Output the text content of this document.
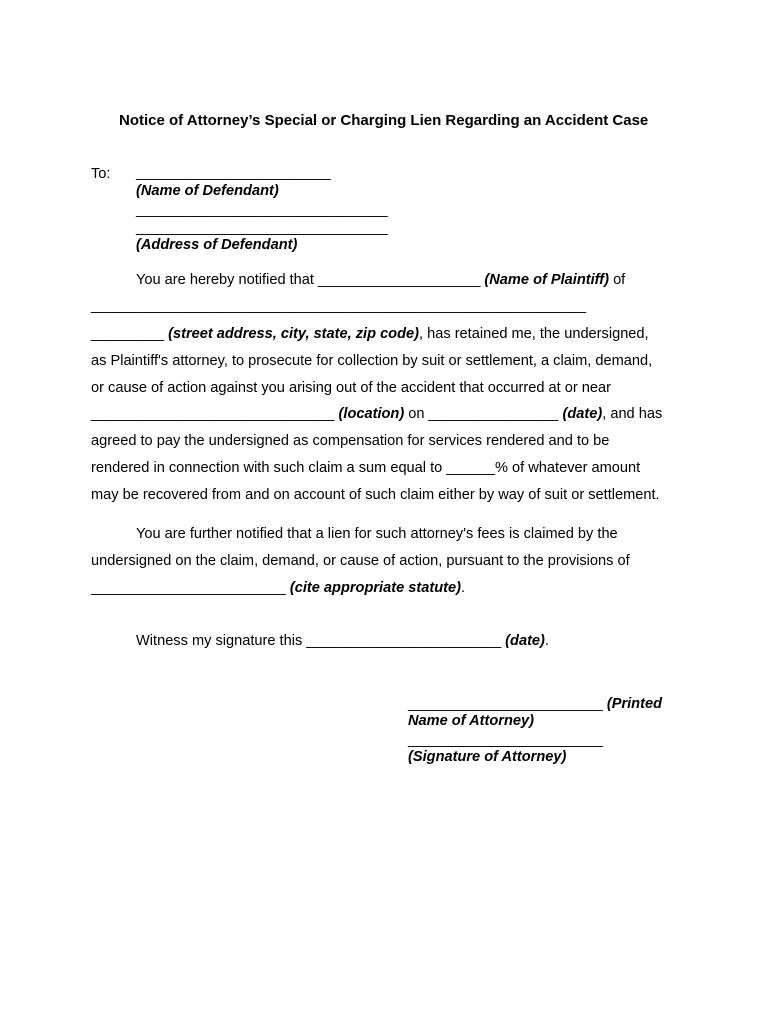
Notice of Attorney’s Special or Charging Lien Regarding an Accident Case
To: ________________________
(Name of Defendant)
_______________________________
_______________________________
(Address of Defendant)
You are hereby notified that ____________________ (Name of Plaintiff) of
_____________________________________________________________
_________ (street address, city, state, zip code), has retained me, the undersigned,
as Plaintiff's attorney, to prosecute for collection by suit or settlement, a claim, demand,
or cause of action against you arising out of the accident that occurred at or near
______________________________ (location) on ________________ (date), and has
agreed to pay the undersigned as compensation for services rendered and to be
rendered in connection with such claim a sum equal to ______% of whatever amount
may be recovered from and on account of such claim either by way of suit or settlement.
You are further notified that a lien for such attorney's fees is claimed by the
undersigned on the claim, demand, or cause of action, pursuant to the provisions of
________________________ (cite appropriate statute).
Witness my signature this ________________________ (date).
________________________ (Printed
Name of Attorney)
________________________
(Signature of Attorney)
